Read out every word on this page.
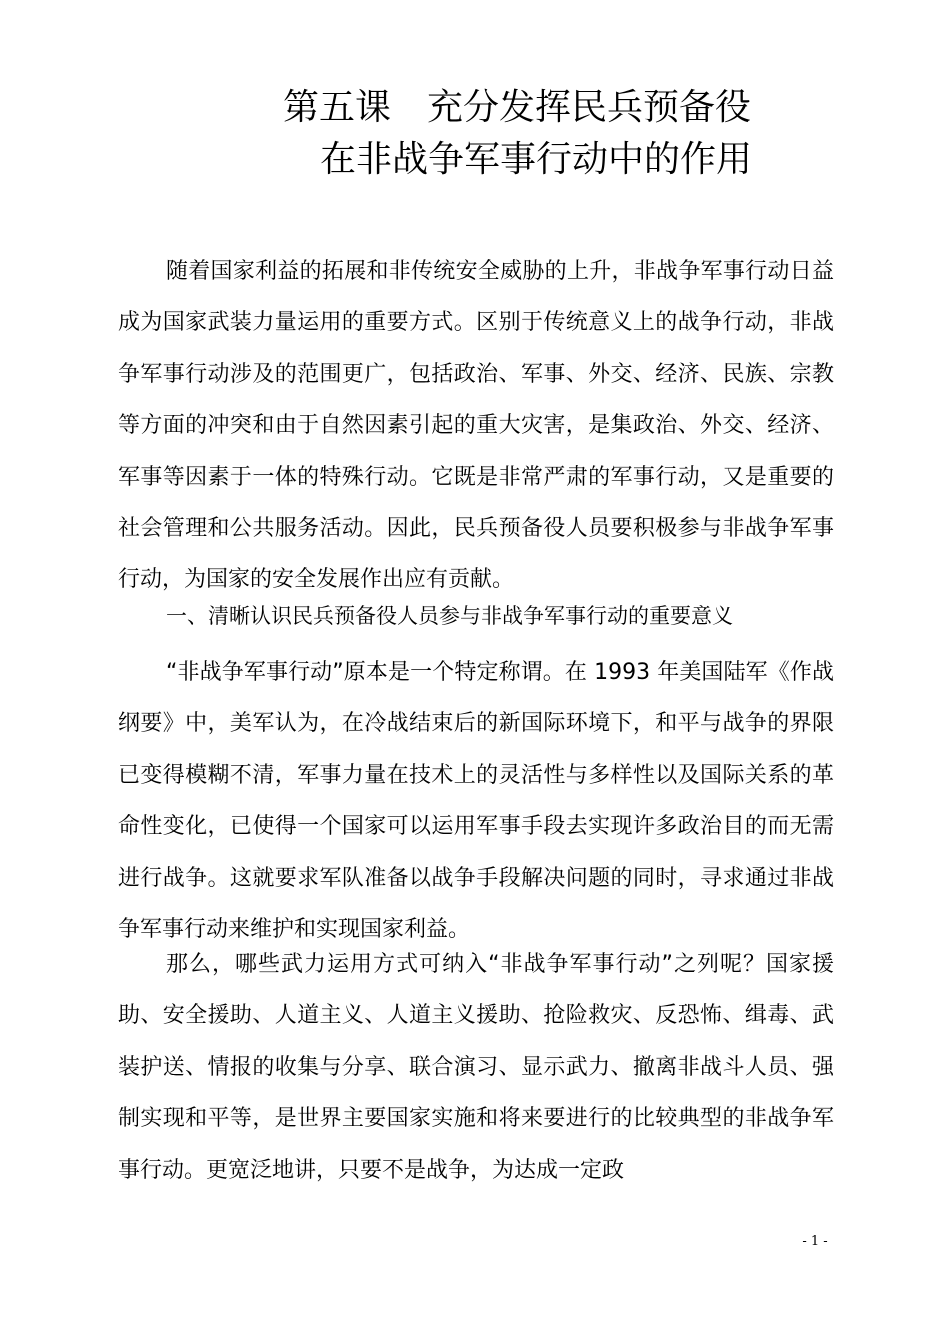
第五课　充分发挥民兵预备役
在非战争军事行动中的作用

随着国家利益的拓展和非传统安全威胁的上升，非战争军事行动日益成为国家武装力量运用的重要方式。区别于传统意义上的战争行动，非战争军事行动涉及的范围更广，包括政治、军事、外交、经济、民族、宗教等方面的冲突和由于自然因素引起的重大灾害，是集政治、外交、经济、军事等因素于一体的特殊行动。它既是非常严肃的军事行动，又是重要的社会管理和公共服务活动。因此，民兵预备役人员要积极参与非战争军事行动，为国家的安全发展作出应有贡献。

一、清晰认识民兵预备役人员参与非战争军事行动的重要意义

“非战争军事行动”原本是一个特定称谓。在 1993 年美国陆军《作战纲要》中，美军认为，在冷战结束后的新国际环境下，和平与战争的界限已变得模糊不清，军事力量在技术上的灵活性与多样性以及国际关系的革命性变化，已使得一个国家可以运用军事手段去实现许多政治目的而无需进行战争。这就要求军队准备以战争手段解决问题的同时，寻求通过非战争军事行动来维护和实现国家利益。

那么，哪些武力运用方式可纳入“非战争军事行动”之列呢？国家援助、安全援助、人道主义、人道主义援助、抢险救灾、反恐怖、缉毒、武装护送、情报的收集与分享、联合演习、显示武力、撤离非战斗人员、强制实现和平等，是世界主要国家实施和将来要进行的比较典型的非战争军事行动。更宽泛地讲，只要不是战争，为达成一定政

- 1 -
